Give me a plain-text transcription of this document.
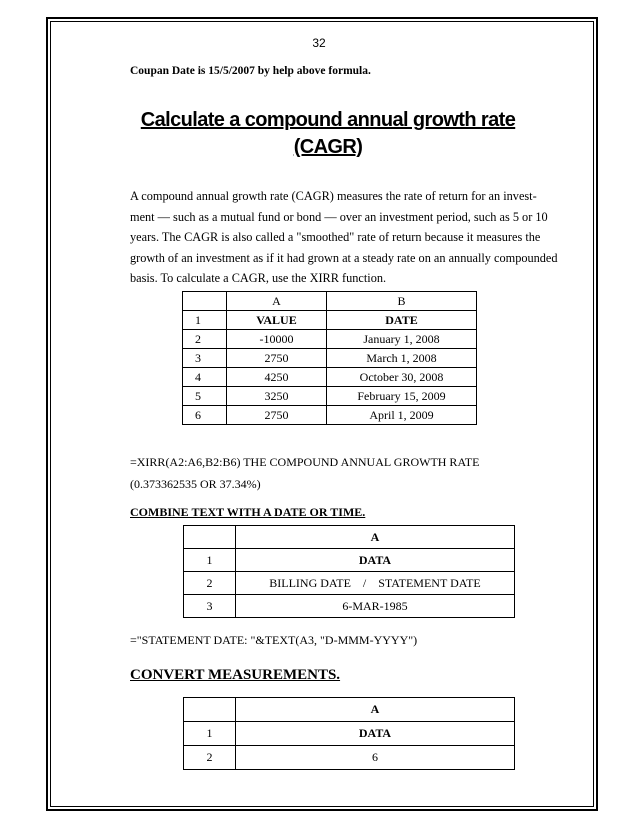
32
Coupan Date is 15/5/2007 by help above formula.
Calculate a compound annual growth rate
(CAGR)
A compound annual growth rate (CAGR) measures the rate of return for an invest-
ment — such as a mutual fund or bond — over an investment period, such as 5 or 10
years. The CAGR is also called a "smoothed" rate of return because it measures the
growth of an investment as if it had grown at a steady rate on an annually compounded
basis. To calculate a CAGR, use the XIRR function.
	A	B
1	VALUE	DATE
2	-10000	January 1, 2008
3	2750	March 1, 2008
4	4250	October 30, 2008
5	3250	February 15, 2009
6	2750	April 1, 2009
=XIRR(A2:A6,B2:B6) THE COMPOUND ANNUAL GROWTH RATE
(0.373362535 OR 37.34%)
COMBINE TEXT WITH A DATE OR TIME.
	A
1	DATA
2	BILLING DATE    /    STATEMENT DATE
3	6-MAR-1985
="STATEMENT DATE: "&TEXT(A3, "D-MMM-YYYY")
CONVERT MEASUREMENTS.
	A
1	DATA
2	6
